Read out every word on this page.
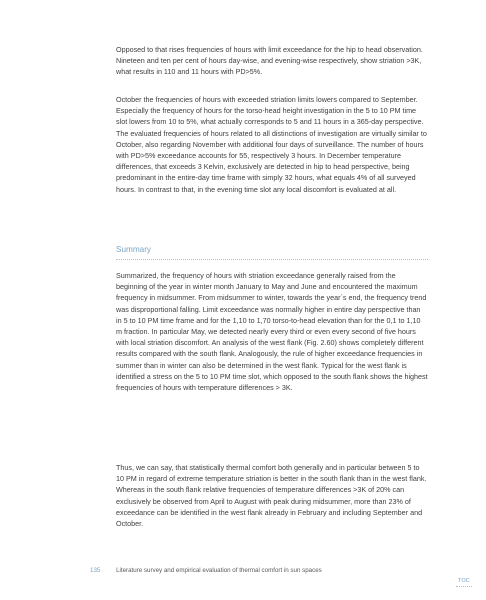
Opposed to that rises frequencies of hours with limit exceedance for the hip to head observation. Nineteen and ten per cent of hours day-wise, and evening-wise respectively, show striation >3K, what results in 110 and 11 hours with PD>5%.

October the frequencies of hours with exceeded striation limits lowers compared to September. Especially the frequency of hours for the torso-head height investigation in the 5 to 10 PM time slot lowers from 10 to 5%, what actually corresponds to 5 and 11 hours in a 365-day perspective. The evaluated frequencies of hours related to all distinctions of investigation are virtually similar to October, also regarding November with additional four days of surveillance. The number of hours with PD>5% exceedance accounts for 55, respectively 3 hours. In December temperature differences, that exceeds 3 Kelvin, exclusively are detected in hip to head perspective, being predominant in the entire-day time frame with simply 32 hours, what equals 4% of all surveyed hours. In contrast to that, in the evening time slot any local discomfort is evaluated at all.

Summary

Summarized, the frequency of hours with striation exceedance generally raised from the beginning of the year in winter month January to May and June and encountered the maximum frequency in midsummer. From midsummer to winter, towards the year´s end, the frequency trend was disproportional falling. Limit exceedance was normally higher in entire day perspective than in 5 to 10 PM time frame and for the 1,10 to 1,70 torso-to-head elevation than for the 0,1 to 1,10 m fraction. In particular May, we detected nearly every third or even every second of five hours with local striation discomfort. An analysis of the west flank (Fig. 2.60) shows completely different results compared with the south flank. Analogously, the rule of higher exceedance frequencies in summer than in winter can also be determined in the west flank. Typical for the west flank is identified a stress on the 5 to 10 PM time slot, which opposed to the south flank shows the highest frequencies of hours with temperature differences > 3K.

Thus, we can say, that statistically thermal comfort both generally and in particular between 5 to 10 PM in regard of extreme temperature striation is better in the south flank than in the west flank. Whereas in the south flank relative frequencies of temperature differences >3K of 20% can exclusively be observed from April to August with peak during midsummer, more than 23% of exceedance can be identified in the west flank already in February and including September and October.

135	Literature survey and empirical evaluation of thermal comfort in sun spaces
TOC
